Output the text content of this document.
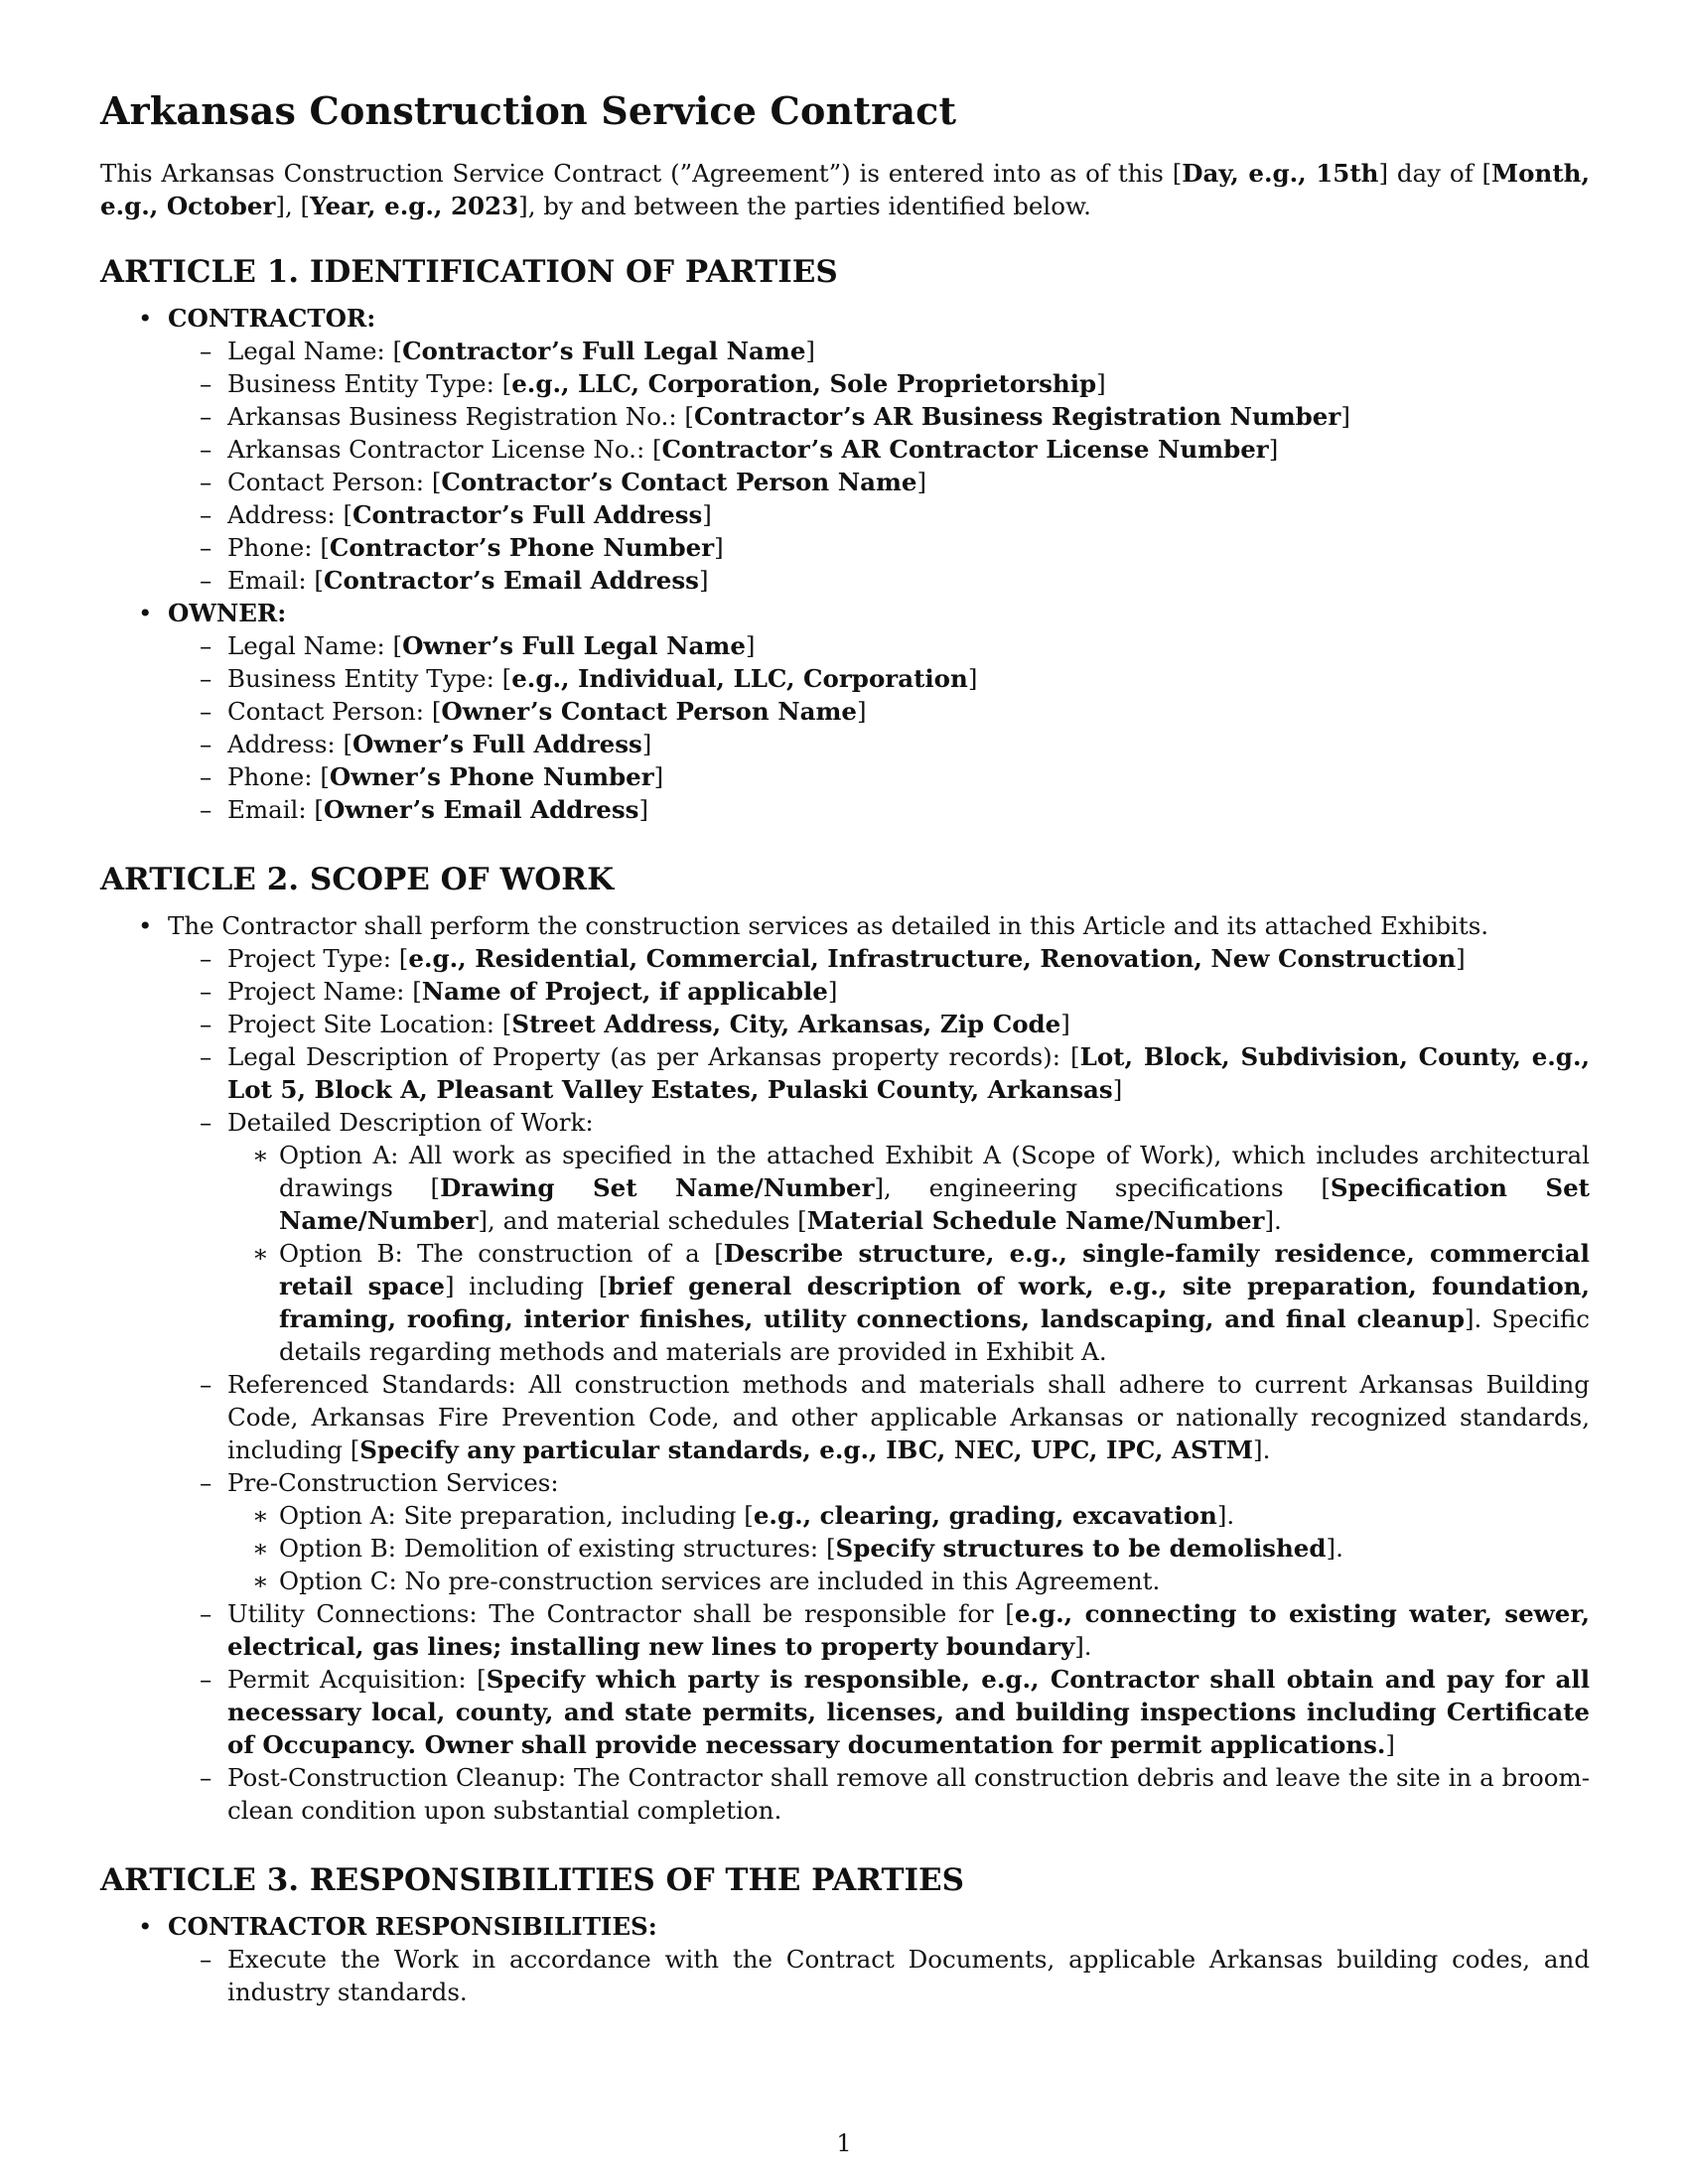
Arkansas Construction Service Contract

This Arkansas Construction Service Contract (”Agreement”) is entered into as of this [Day, e.g., 15th] day of [Month, e.g., October], [Year, e.g., 2023], by and between the parties identified below.

ARTICLE 1. IDENTIFICATION OF PARTIES
• CONTRACTOR:
– Legal Name: [Contractor’s Full Legal Name]
– Business Entity Type: [e.g., LLC, Corporation, Sole Proprietorship]
– Arkansas Business Registration No.: [Contractor’s AR Business Registration Number]
– Arkansas Contractor License No.: [Contractor’s AR Contractor License Number]
– Contact Person: [Contractor’s Contact Person Name]
– Address: [Contractor’s Full Address]
– Phone: [Contractor’s Phone Number]
– Email: [Contractor’s Email Address]
• OWNER:
– Legal Name: [Owner’s Full Legal Name]
– Business Entity Type: [e.g., Individual, LLC, Corporation]
– Contact Person: [Owner’s Contact Person Name]
– Address: [Owner’s Full Address]
– Phone: [Owner’s Phone Number]
– Email: [Owner’s Email Address]
ARTICLE 2. SCOPE OF WORK
• The Contractor shall perform the construction services as detailed in this Article and its attached Exhibits.
– Project Type: [e.g., Residential, Commercial, Infrastructure, Renovation, New Construction]
– Project Name: [Name of Project, if applicable]
– Project Site Location: [Street Address, City, Arkansas, Zip Code]
– Legal Description of Property (as per Arkansas property records): [Lot, Block, Subdivision, County, e.g., Lot 5, Block A, Pleasant Valley Estates, Pulaski County, Arkansas]
– Detailed Description of Work:
∗ Option A: All work as specified in the attached Exhibit A (Scope of Work), which includes architectural drawings [Drawing Set Name/Number], engineering specifications [Specification Set Name/Number], and material schedules [Material Schedule Name/Number].
∗ Option B: The construction of a [Describe structure, e.g., single-family residence, commercial retail space] including [brief general description of work, e.g., site preparation, foundation, framing, roofing, interior finishes, utility connections, landscaping, and final cleanup]. Specific details regarding methods and materials are provided in Exhibit A.
– Referenced Standards: All construction methods and materials shall adhere to current Arkansas Building Code, Arkansas Fire Prevention Code, and other applicable Arkansas or nationally recognized standards, including [Specify any particular standards, e.g., IBC, NEC, UPC, IPC, ASTM].
– Pre-Construction Services:
∗ Option A: Site preparation, including [e.g., clearing, grading, excavation].
∗ Option B: Demolition of existing structures: [Specify structures to be demolished].
∗ Option C: No pre-construction services are included in this Agreement.
– Utility Connections: The Contractor shall be responsible for [e.g., connecting to existing water, sewer, electrical, gas lines; installing new lines to property boundary].
– Permit Acquisition: [Specify which party is responsible, e.g., Contractor shall obtain and pay for all necessary local, county, and state permits, licenses, and building inspections including Certificate of Occupancy. Owner shall provide necessary documentation for permit applications.]
– Post-Construction Cleanup: The Contractor shall remove all construction debris and leave the site in a broom-clean condition upon substantial completion.
ARTICLE 3. RESPONSIBILITIES OF THE PARTIES
• CONTRACTOR RESPONSIBILITIES:
– Execute the Work in accordance with the Contract Documents, applicable Arkansas building codes, and industry standards.
1
